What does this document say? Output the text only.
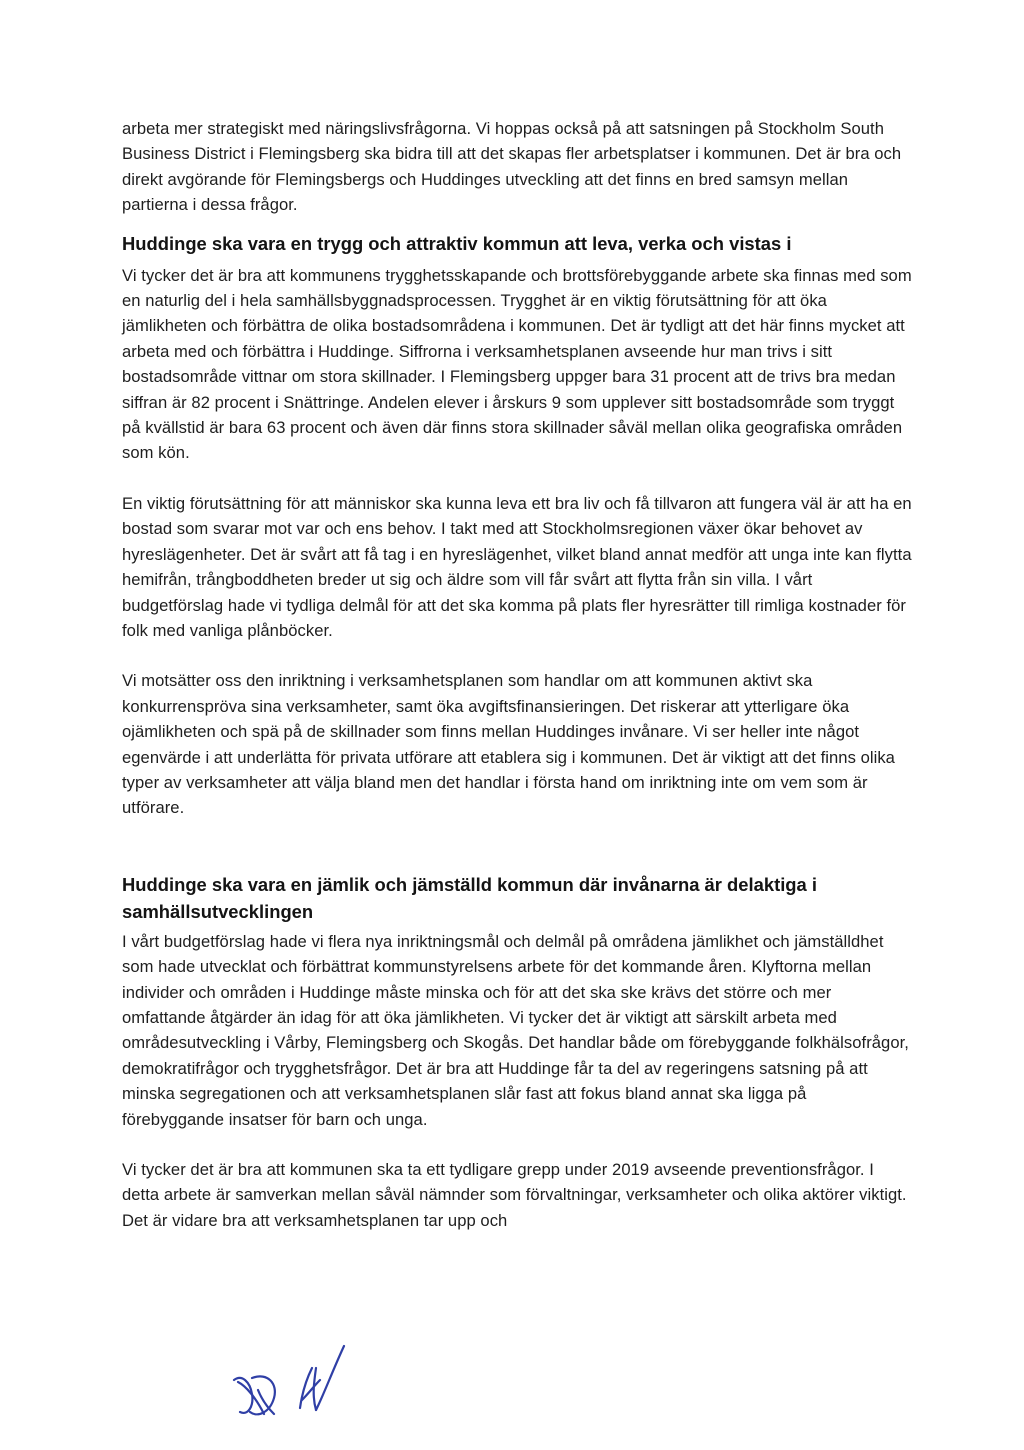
arbeta mer strategiskt med näringslivsfrågorna. Vi hoppas också på att satsningen på Stockholm South Business District i Flemingsberg ska bidra till att det skapas fler arbetsplatser i kommunen. Det är bra och direkt avgörande för Flemingsbergs och Huddinges utveckling att det finns en bred samsyn mellan partierna i dessa frågor.

Huddinge ska vara en trygg och attraktiv kommun att leva, verka och vistas i

Vi tycker det är bra att kommunens trygghetsskapande och brottsförebyggande arbete ska finnas med som en naturlig del i hela samhällsbyggnadsprocessen. Trygghet är en viktig förutsättning för att öka jämlikheten och förbättra de olika bostadsområdena i kommunen. Det är tydligt att det här finns mycket att arbeta med och förbättra i Huddinge. Siffrorna i verksamhetsplanen avseende hur man trivs i sitt bostadsområde vittnar om stora skillnader. I Flemingsberg uppger bara 31 procent att de trivs bra medan siffran är 82 procent i Snättringe. Andelen elever i årskurs 9 som upplever sitt bostadsområde som tryggt på kvällstid är bara 63 procent och även där finns stora skillnader såväl mellan olika geografiska områden som kön.

En viktig förutsättning för att människor ska kunna leva ett bra liv och få tillvaron att fungera väl är att ha en bostad som svarar mot var och ens behov. I takt med att Stockholmsregionen växer ökar behovet av hyreslägenheter. Det är svårt att få tag i en hyreslägenhet, vilket bland annat medför att unga inte kan flytta hemifrån, trångboddheten breder ut sig och äldre som vill får svårt att flytta från sin villa. I vårt budgetförslag hade vi tydliga delmål för att det ska komma på plats fler hyresrätter till rimliga kostnader för folk med vanliga plånböcker.

Vi motsätter oss den inriktning i verksamhetsplanen som handlar om att kommunen aktivt ska konkurrenspröva sina verksamheter, samt öka avgiftsfinansieringen. Det riskerar att ytterligare öka ojämlikheten och spä på de skillnader som finns mellan Huddinges invånare. Vi ser heller inte något egenvärde i att underlätta för privata utförare att etablera sig i kommunen. Det är viktigt att det finns olika typer av verksamheter att välja bland men det handlar i första hand om inriktning inte om vem som är utförare.

Huddinge ska vara en jämlik och jämställd kommun där invånarna är delaktiga i samhällsutvecklingen

I vårt budgetförslag hade vi flera nya inriktningsmål och delmål på områdena jämlikhet och jämställdhet som hade utvecklat och förbättrat kommunstyrelsens arbete för det kommande åren. Klyftorna mellan individer och områden i Huddinge måste minska och för att det ska ske krävs det större och mer omfattande åtgärder än idag för att öka jämlikheten. Vi tycker det är viktigt att särskilt arbeta med områdesutveckling i Vårby, Flemingsberg och Skogås. Det handlar både om förebyggande folkhälsofrågor, demokratifrågor och trygghetsfrågor. Det är bra att Huddinge får ta del av regeringens satsning på att minska segregationen och att verksamhetsplanen slår fast att fokus bland annat ska ligga på förebyggande insatser för barn och unga.

Vi tycker det är bra att kommunen ska ta ett tydligare grepp under 2019 avseende preventionsfrågor. I detta arbete är samverkan mellan såväl nämnder som förvaltningar, verksamheter och olika aktörer viktigt. Det är vidare bra att verksamhetsplanen tar upp och
